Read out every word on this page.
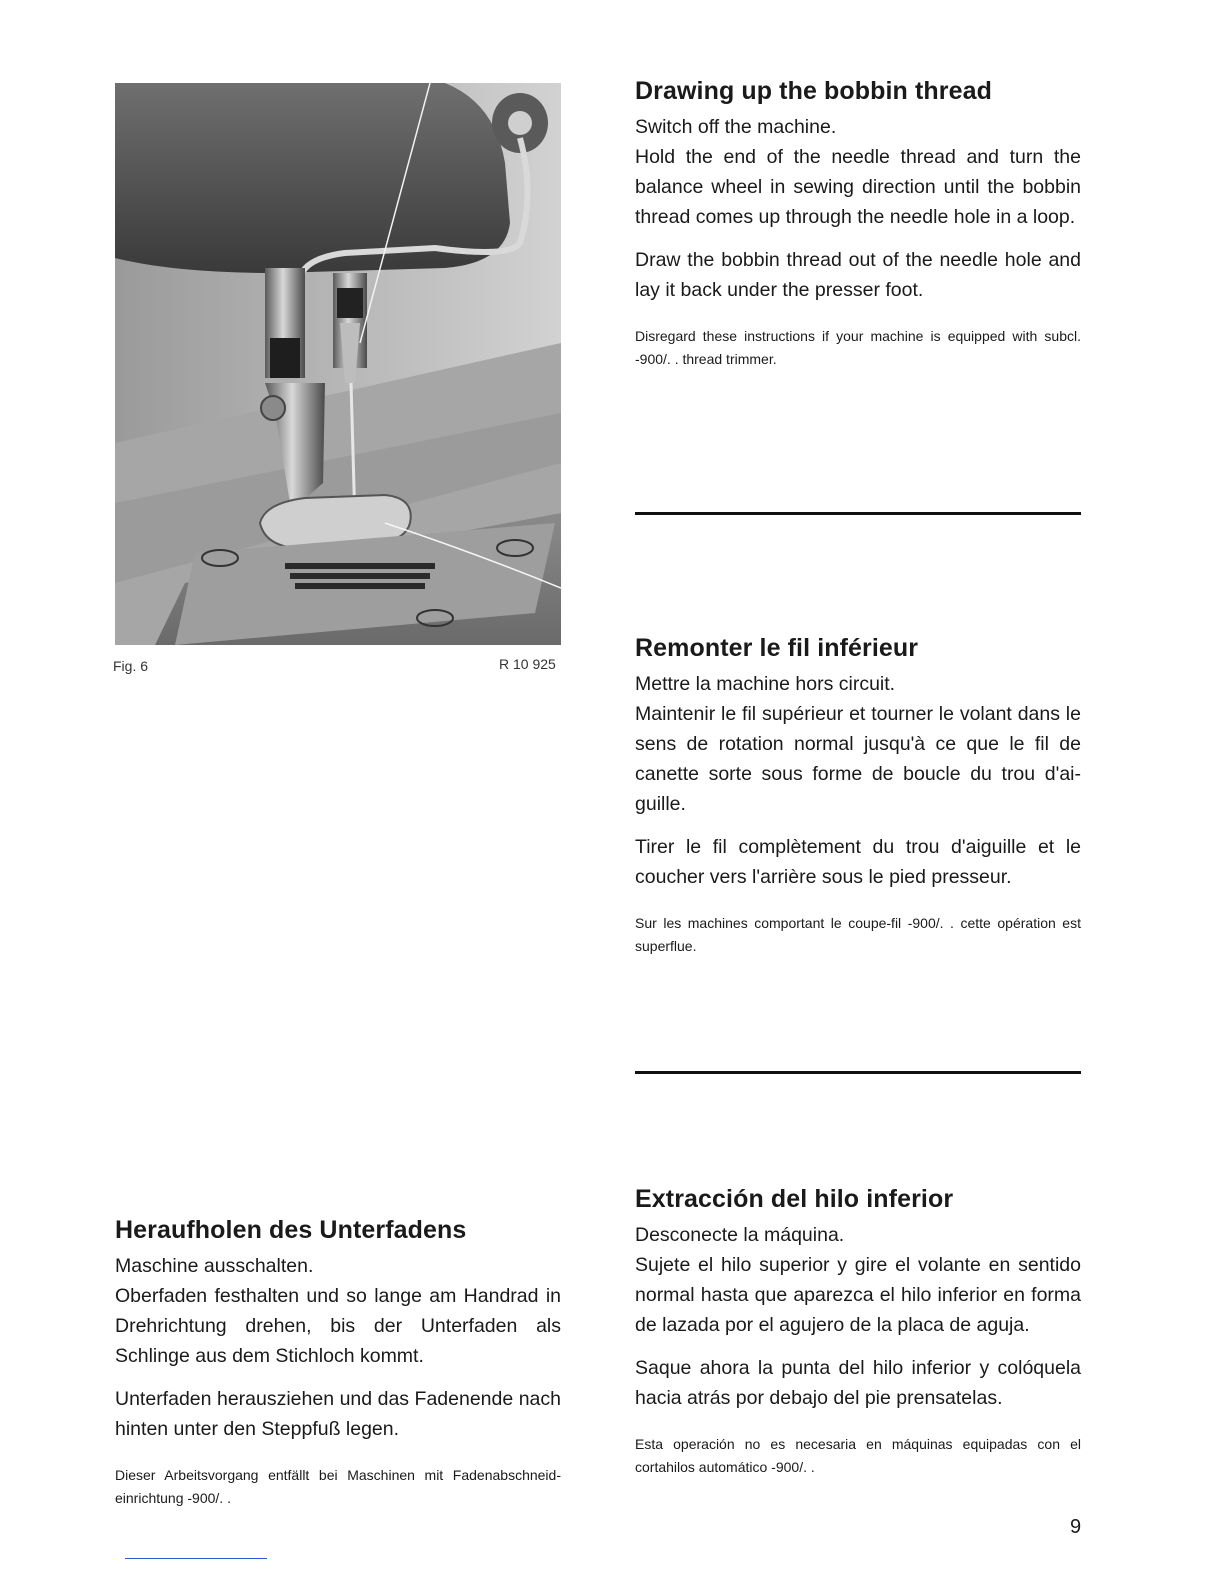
Fig. 6	R 10 925
Drawing up the bobbin thread

Switch off the machine.

Hold the end of the needle thread and turn the balance wheel in sewing direction until the bobbin thread comes up through the needle hole in a loop.

Draw the bobbin thread out of the needle hole and lay it back under the presser foot.

Disregard these instructions if your machine is equipped with subcl. -900/. . thread trimmer.

Remonter le fil inférieur

Mettre la machine hors circuit.

Maintenir le fil supérieur et tourner le volant dans le sens de rotation normal jusqu'à ce que le fil de canette sorte sous forme de boucle du trou d'ai-guille.

Tirer le fil complètement du trou d'aiguille et le coucher vers l'arrière sous le pied presseur.

Sur les machines comportant le coupe-fil -900/. . cette opération est superflue.

Heraufholen des Unterfadens

Maschine ausschalten.

Oberfaden festhalten und so lange am Handrad in Drehrichtung drehen, bis der Unterfaden als Schlinge aus dem Stichloch kommt.

Unterfaden herausziehen und das Fadenende nach hinten unter den Steppfuß legen.

Dieser Arbeitsvorgang entfällt bei Maschinen mit Fadenabschneid-einrichtung -900/. .

Extracción del hilo inferior

Desconecte la máquina.

Sujete el hilo superior y gire el volante en sentido normal hasta que aparezca el hilo inferior en forma de lazada por el agujero de la placa de aguja.

Saque ahora la punta del hilo inferior y colóquela hacia atrás por debajo del pie prensatelas.

Esta operación no es necesaria en máquinas equipadas con el cortahilos automático -900/. .

9
